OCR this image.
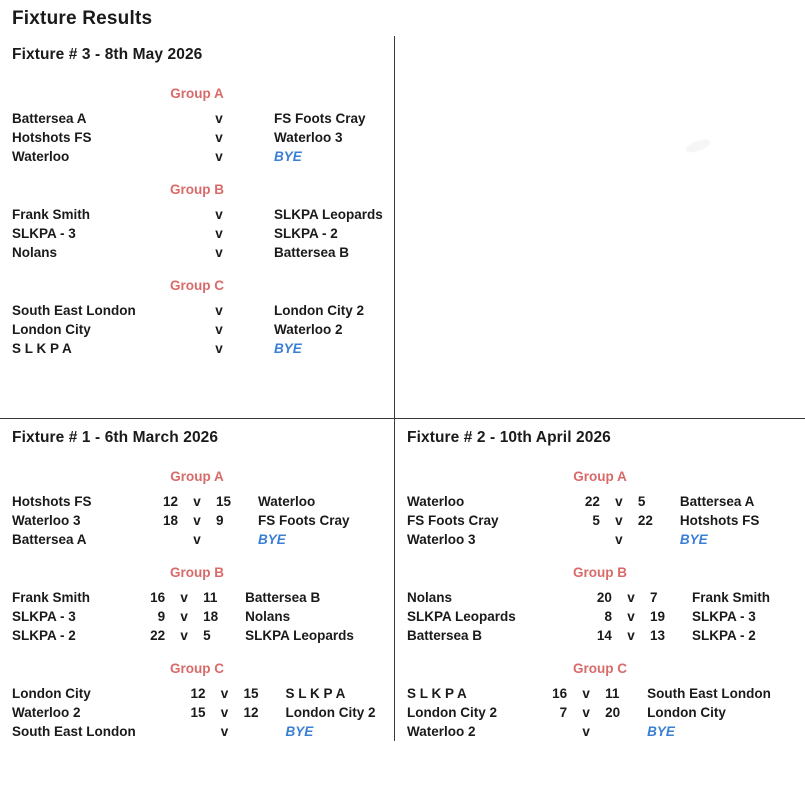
Fixture Results
Fixture # 3 - 8th May 2026
Group A
Battersea A	v	FS Foots Cray
Hotshots FS	v	Waterloo 3
Waterloo	v	BYE
Group B
Frank Smith	v	SLKPA Leopards
SLKPA - 3	v	SLKPA - 2
Nolans	v	Battersea B
Group C
South East London	v	London City 2
London City	v	Waterloo 2
S L K P A	v	BYE
Fixture # 1 - 6th March 2026
Group A
Hotshots FS	12	v	15	Waterloo
Waterloo 3	18	v	9	FS Foots Cray
Battersea A		v		BYE
Group B
Frank Smith	16	v	11	Battersea B
SLKPA - 3	9	v	18	Nolans
SLKPA - 2	22	v	5	SLKPA Leopards
Group C
London City	12	v	15	S L K P A
Waterloo 2	15	v	12	London City 2
South East London		v		BYE
Fixture # 2 - 10th April 2026
Group A
Waterloo	22	v	5	Battersea A
FS Foots Cray	5	v	22	Hotshots FS
Waterloo 3		v		BYE
Group B
Nolans	20	v	7	Frank Smith
SLKPA Leopards	8	v	19	SLKPA - 3
Battersea B	14	v	13	SLKPA - 2
Group C
S L K P A	16	v	11	South East London
London City 2	7	v	20	London City
Waterloo 2		v		BYE
